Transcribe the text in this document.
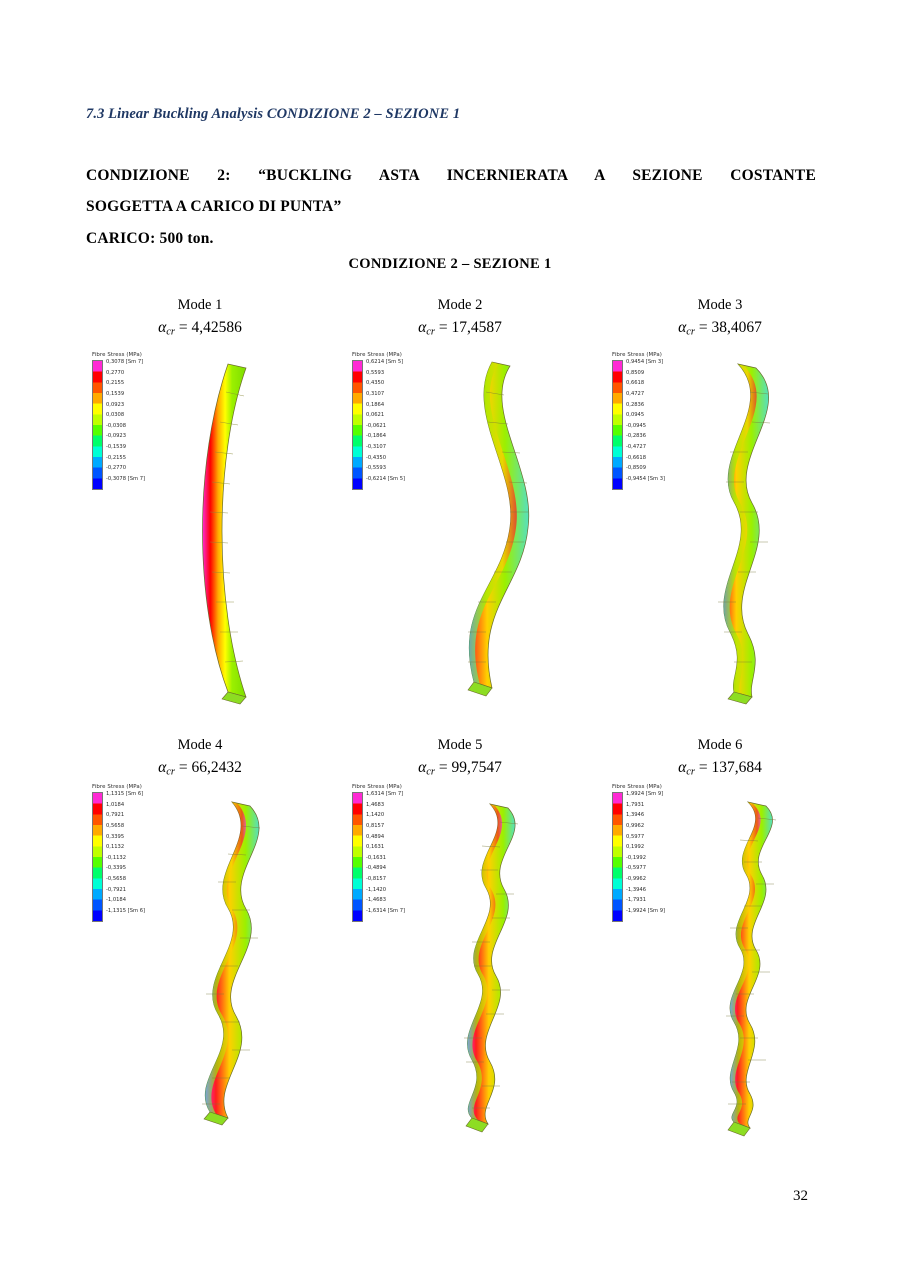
7.3 Linear Buckling Analysis CONDIZIONE 2 – SEZIONE 1
CONDIZIONE 2: “BUCKLING ASTA INCERNIERATA A SEZIONE COSTANTE
SOGGETTA A CARICO DI PUNTA”
CARICO: 500 ton.
CONDIZIONE 2 – SEZIONE 1
Mode 1
$\alpha_{cr} = 4,42586$
Fibre Stress (MPa)
0,3078 [Sm 7]
0,2770
0,2155
0,1539
0,0923
0,0308
-0,0308
-0,0923
-0,1539
-0,2155
-0,2770
-0,3078 [Sm 7]
Mode 2
$\alpha_{cr} = 17,4587$
Fibre Stress (MPa)
0,6214 [Sm 5]
0,5593
0,4350
0,3107
0,1864
0,0621
-0,0621
-0,1864
-0,3107
-0,4350
-0,5593
-0,6214 [Sm 5]
Mode 3
$\alpha_{cr} = 38,4067$
Fibre Stress (MPa)
0,9454 [Sm 3]
0,8509
0,6618
0,4727
0,2836
0,0945
-0,0945
-0,2836
-0,4727
-0,6618
-0,8509
-0,9454 [Sm 3]
Mode 4
$\alpha_{cr} = 66,2432$
Fibre Stress (MPa)
1,1315 [Sm 6]
1,0184
0,7921
0,5658
0,3395
0,1132
-0,1132
-0,3395
-0,5658
-0,7921
-1,0184
-1,1315 [Sm 6]
Mode 5
$\alpha_{cr} = 99,7547$
Fibre Stress (MPa)
1,6314 [Sm 7]
1,4683
1,1420
0,8157
0,4894
0,1631
-0,1631
-0,4894
-0,8157
-1,1420
-1,4683
-1,6314 [Sm 7]
Mode 6
$\alpha_{cr} = 137,684$
Fibre Stress (MPa)
1,9924 [Sm 9]
1,7931
1,3946
0,9962
0,5977
0,1992
-0,1992
-0,5977
-0,9962
-1,3946
-1,7931
-1,9924 [Sm 9]
32
